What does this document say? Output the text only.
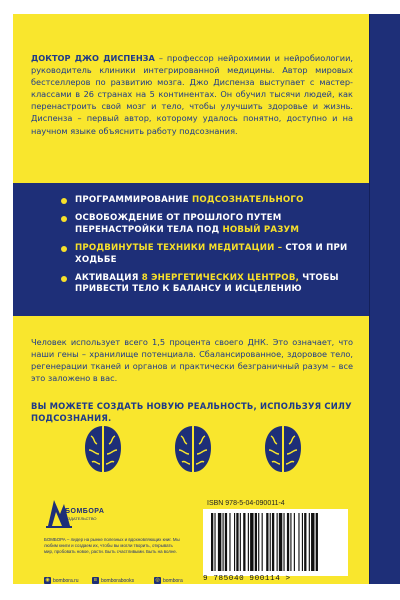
ДОКТОР ДЖО ДИСПЕНЗА – профессор нейрохимии и нейробиологии, руководитель клиники интегрированной медицины. Автор мировых бестселлеров по развитию мозга. Джо Диспенза выступает с мастер-классами в 26 странах на 5 континентах. Он обучил тысячи людей, как перенастроить свой мозг и тело, чтобы улучшить здоровье и жизнь. Диспенза – первый автор, которому удалось понятно, доступно и на научном языке объяснить работу подсознания.

ПРОГРАММИРОВАНИЕ ПОДСОЗНАТЕЛЬНОГО
ОСВОБОЖДЕНИЕ ОТ ПРОШЛОГО ПУТЕМ ПЕРЕНАСТРОЙКИ ТЕЛА ПОД НОВЫЙ РАЗУМ
ПРОДВИНУТЫЕ ТЕХНИКИ МЕДИТАЦИИ – СТОЯ И ПРИ ХОДЬБЕ
АКТИВАЦИЯ 8 ЭНЕРГЕТИЧЕСКИХ ЦЕНТРОВ, ЧТОБЫ ПРИВЕСТИ ТЕЛО К БАЛАНСУ И ИСЦЕЛЕНИЮ

Человек использует всего 1,5 процента своего ДНК. Это означает, что наши гены – хранилище потенциала. Сбалансированное, здоровое тело, регенерации тканей и органов и практически безграничный разум – все это заложено в вас.

ВЫ МОЖЕТЕ СОЗДАТЬ НОВУЮ РЕАЛЬНОСТЬ, ИСПОЛЬЗУЯ СИЛУ ПОДСОЗНАНИЯ.

БОМБОРА
ИЗДАТЕЛЬСТВО
БОМБОРА – лидер на рынке полезных и вдохновляющих книг. Мы любим книги и создаем их, чтобы вы могли творить, открывать мир, пробовать новое, расти. Быть счастливыми. Быть на волне.
◉ bombora.ru	в bomborabooks	◎ bombora
ISBN 978-5-04-090011-4
9 785040 900114 >
